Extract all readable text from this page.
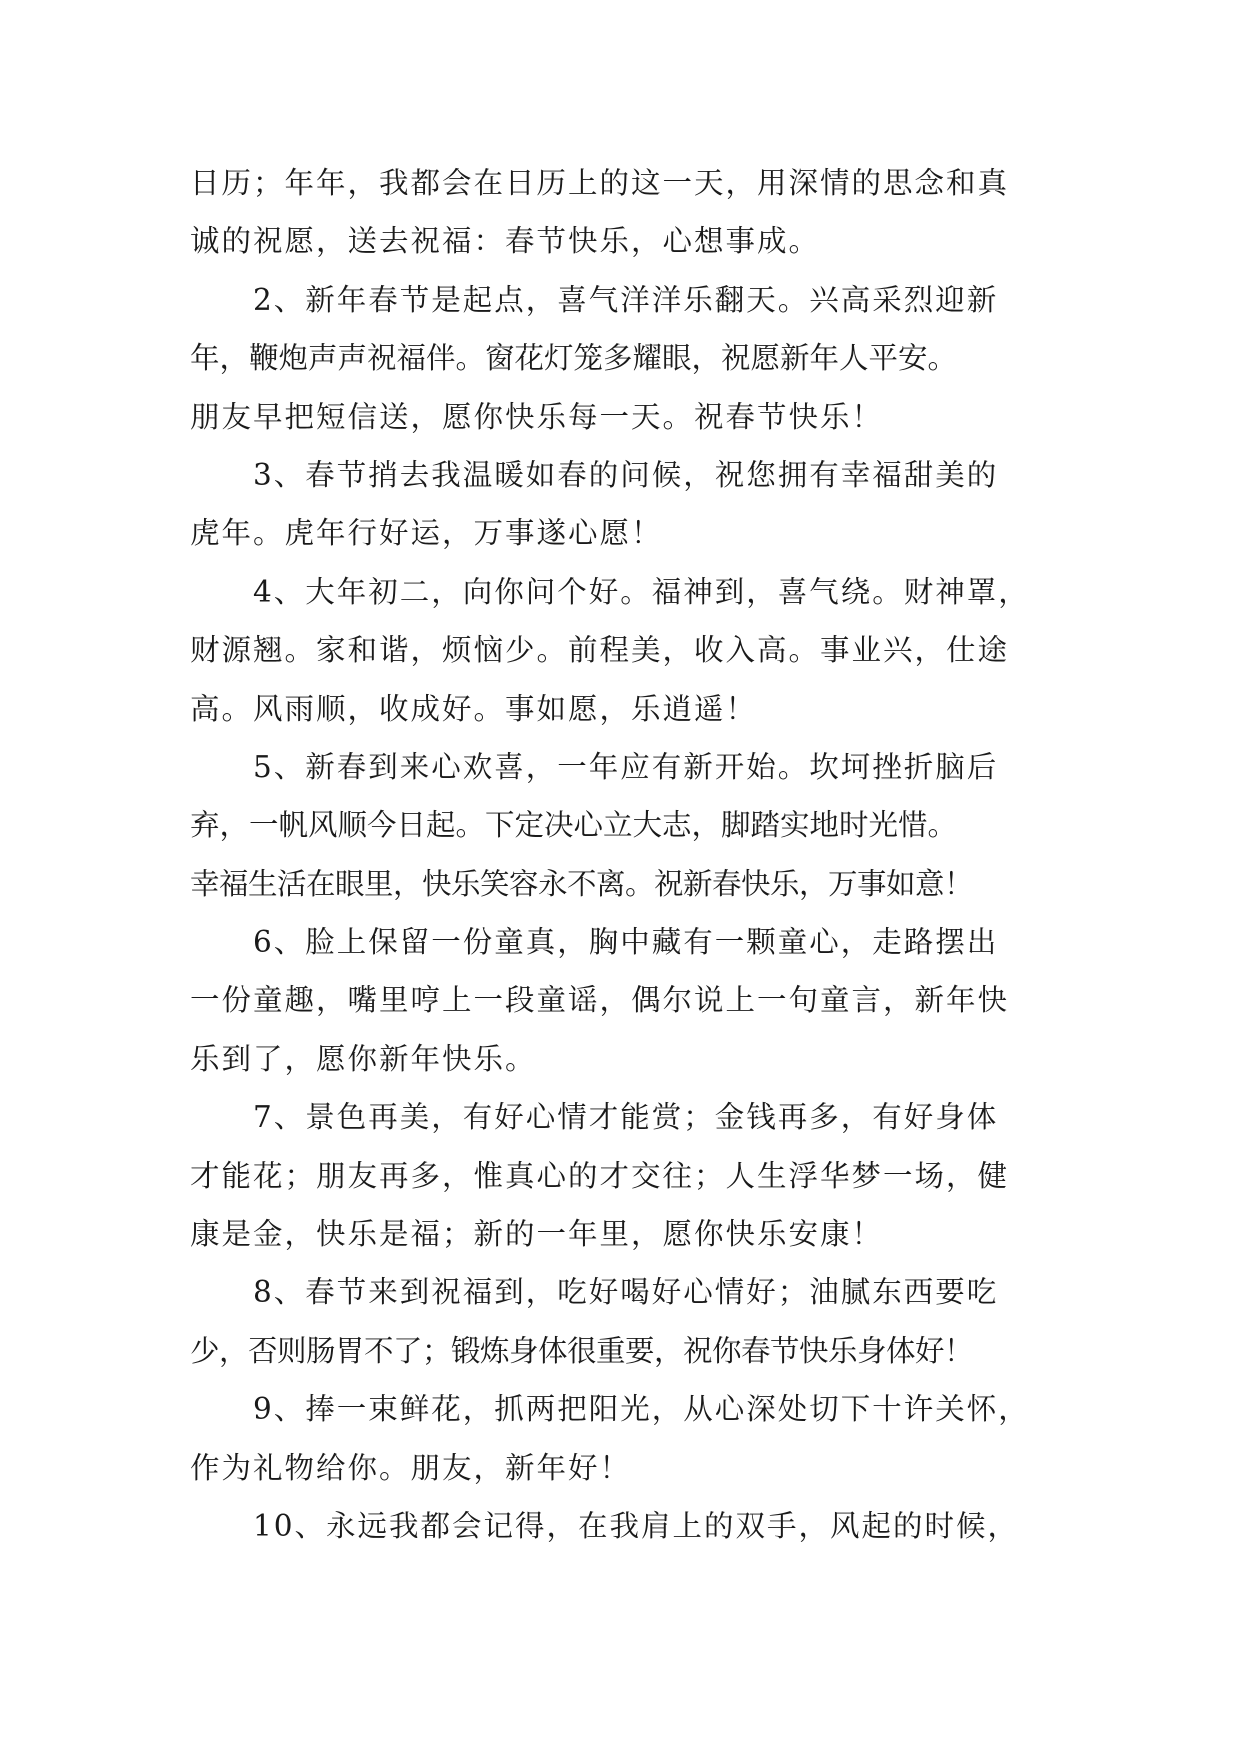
日历；年年，我都会在日历上的这一天，用深情的思念和真
诚的祝愿，送去祝福：春节快乐，心想事成。
2、新年春节是起点，喜气洋洋乐翻天。兴高采烈迎新
年，鞭炮声声祝福伴。窗花灯笼多耀眼，祝愿新年人平安。
朋友早把短信送，愿你快乐每一天。祝春节快乐！
3、春节捎去我温暖如春的问候，祝您拥有幸福甜美的
虎年。虎年行好运，万事遂心愿！
4、大年初二，向你问个好。福神到，喜气绕。财神罩，
财源翘。家和谐，烦恼少。前程美，收入高。事业兴，仕途
高。风雨顺，收成好。事如愿，乐逍遥！
5、新春到来心欢喜，一年应有新开始。坎坷挫折脑后
弃，一帆风顺今日起。下定决心立大志，脚踏实地时光惜。
幸福生活在眼里，快乐笑容永不离。祝新春快乐，万事如意！
6、脸上保留一份童真，胸中藏有一颗童心，走路摆出
一份童趣，嘴里哼上一段童谣，偶尔说上一句童言，新年快
乐到了，愿你新年快乐。
7、景色再美，有好心情才能赏；金钱再多，有好身体
才能花；朋友再多，惟真心的才交往；人生浮华梦一场，健
康是金，快乐是福；新的一年里，愿你快乐安康！
8、春节来到祝福到，吃好喝好心情好；油腻东西要吃
少，否则肠胃不了；锻炼身体很重要，祝你春节快乐身体好！
9、捧一束鲜花，抓两把阳光，从心深处切下十许关怀，
作为礼物给你。朋友，新年好！
10、永远我都会记得，在我肩上的双手，风起的时候，
